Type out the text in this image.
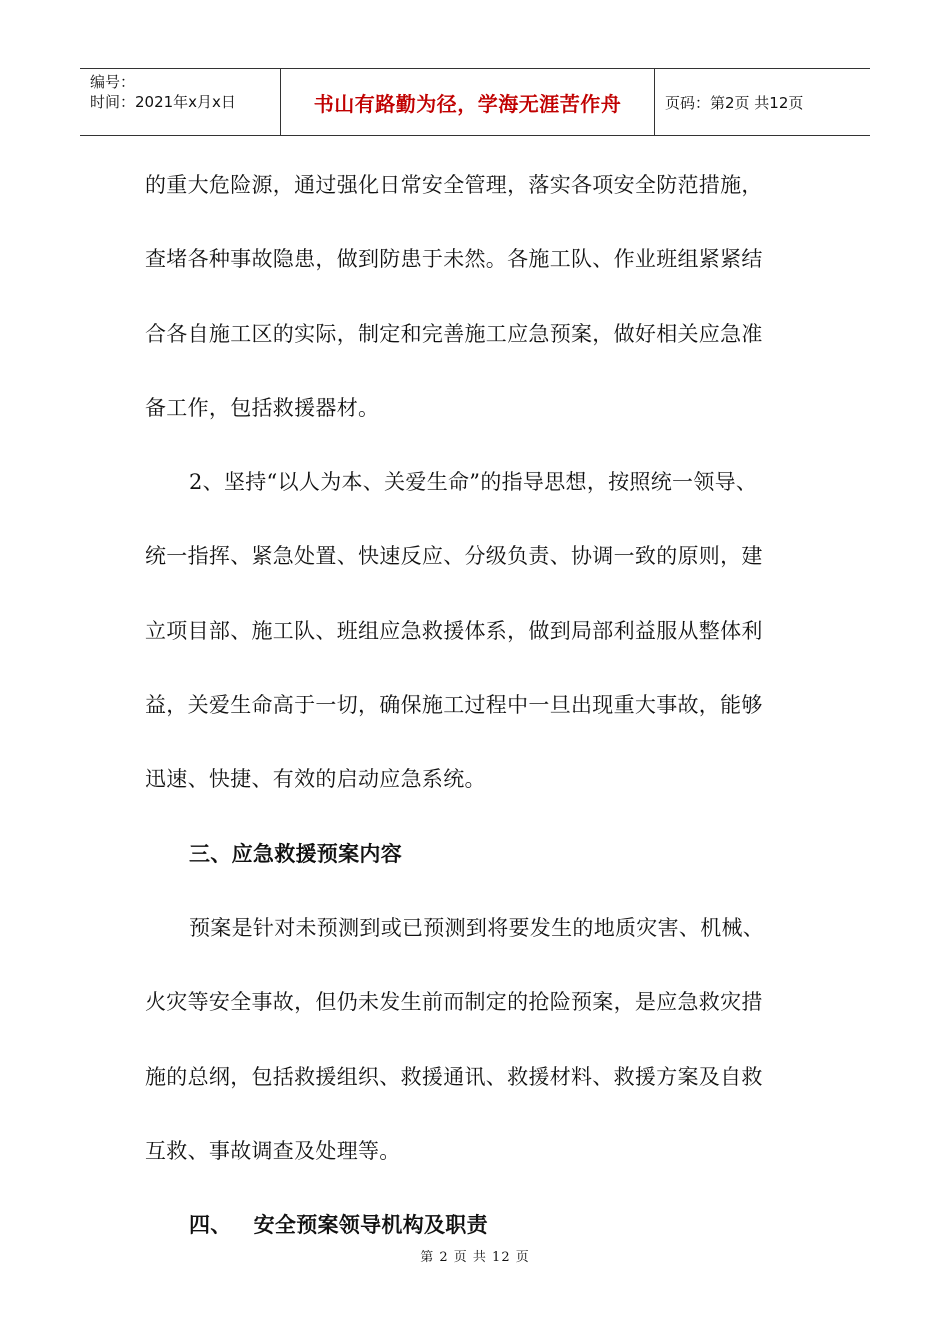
编号：
时间：2021年x月x日	书山有路勤为径，学海无涯苦作舟	页码：第2页 共12页

的重大危险源，通过强化日常安全管理，落实各项安全防范措施，

查堵各种事故隐患，做到防患于未然。各施工队、作业班组紧紧结

合各自施工区的实际，制定和完善施工应急预案，做好相关应急准

备工作，包括救援器材。

2、坚持“以人为本、关爱生命”的指导思想，按照统一领导、

统一指挥、紧急处置、快速反应、分级负责、协调一致的原则，建

立项目部、施工队、班组应急救援体系，做到局部利益服从整体利

益，关爱生命高于一切，确保施工过程中一旦出现重大事故，能够

迅速、快捷、有效的启动应急系统。

三、应急救援预案内容

预案是针对未预测到或已预测到将要发生的地质灾害、机械、

火灾等安全事故，但仍未发生前而制定的抢险预案，是应急救灾措

施的总纲，包括救援组织、救援通讯、救援材料、救援方案及自救

互救、事故调查及处理等。

四、 安全预案领导机构及职责

第 2 页 共 12 页
